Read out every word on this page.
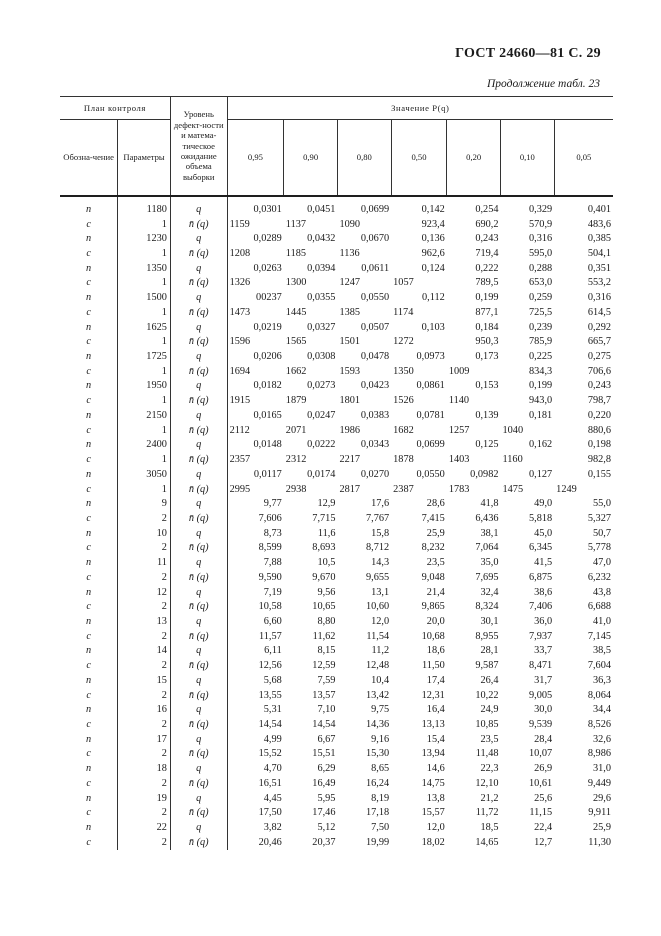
ГОСТ 24660—81 С. 29
Продолжение табл. 23
План контроля		Уровень дефект-ности и матема-тическое ожидание объема выборки	Значение P(q)						
Обозна-чение	Параметры		0,95	0,90	0,80	0,50	0,20	0,10	0,05

n	1180	q	0,0301	0,0451	0,0699	0,142	0,254	0,329	0,401
c	1	n̄ (q)	1159	1137	1090	923,4	690,2	570,9	483,6
n	1230	q	0,0289	0,0432	0,0670	0,136	0,243	0,316	0,385
c	1	n̄ (q)	1208	1185	1136	962,6	719,4	595,0	504,1
n	1350	q	0,0263	0,0394	0,0611	0,124	0,222	0,288	0,351
c	1	n̄ (q)	1326	1300	1247	1057	789,5	653,0	553,2
n	1500	q	00237	0,0355	0,0550	0,112	0,199	0,259	0,316
c	1	n̄ (q)	1473	1445	1385	1174	877,1	725,5	614,5
n	1625	q	0,0219	0,0327	0,0507	0,103	0,184	0,239	0,292
c	1	n̄ (q)	1596	1565	1501	1272	950,3	785,9	665,7
n	1725	q	0,0206	0,0308	0,0478	0,0973	0,173	0,225	0,275
c	1	n̄ (q)	1694	1662	1593	1350	1009	834,3	706,6
n	1950	q	0,0182	0,0273	0,0423	0,0861	0,153	0,199	0,243
c	1	n̄ (q)	1915	1879	1801	1526	1140	943,0	798,7
n	2150	q	0,0165	0,0247	0,0383	0,0781	0,139	0,181	0,220
c	1	n̄ (q)	2112	2071	1986	1682	1257	1040	880,6
n	2400	q	0,0148	0,0222	0,0343	0,0699	0,125	0,162	0,198
c	1	n̄ (q)	2357	2312	2217	1878	1403	1160	982,8
n	3050	q	0,0117	0,0174	0,0270	0,0550	0,0982	0,127	0,155
c	1	n̄ (q)	2995	2938	2817	2387	1783	1475	1249
n	9	q	9,77	12,9	17,6	28,6	41,8	49,0	55,0
c	2	n̄ (q)	7,606	7,715	7,767	7,415	6,436	5,818	5,327
n	10	q	8,73	11,6	15,8	25,9	38,1	45,0	50,7
c	2	n̄ (q)	8,599	8,693	8,712	8,232	7,064	6,345	5,778
n	11	q	7,88	10,5	14,3	23,5	35,0	41,5	47,0
c	2	n̄ (q)	9,590	9,670	9,655	9,048	7,695	6,875	6,232
n	12	q	7,19	9,56	13,1	21,4	32,4	38,6	43,8
c	2	n̄ (q)	10,58	10,65	10,60	9,865	8,324	7,406	6,688
n	13	q	6,60	8,80	12,0	20,0	30,1	36,0	41,0
c	2	n̄ (q)	11,57	11,62	11,54	10,68	8,955	7,937	7,145
n	14	q	6,11	8,15	11,2	18,6	28,1	33,7	38,5
c	2	n̄ (q)	12,56	12,59	12,48	11,50	9,587	8,471	7,604
n	15	q	5,68	7,59	10,4	17,4	26,4	31,7	36,3
c	2	n̄ (q)	13,55	13,57	13,42	12,31	10,22	9,005	8,064
n	16	q	5,31	7,10	9,75	16,4	24,9	30,0	34,4
c	2	n̄ (q)	14,54	14,54	14,36	13,13	10,85	9,539	8,526
n	17	q	4,99	6,67	9,16	15,4	23,5	28,4	32,6
c	2	n̄ (q)	15,52	15,51	15,30	13,94	11,48	10,07	8,986
n	18	q	4,70	6,29	8,65	14,6	22,3	26,9	31,0
c	2	n̄ (q)	16,51	16,49	16,24	14,75	12,10	10,61	9,449
n	19	q	4,45	5,95	8,19	13,8	21,2	25,6	29,6
c	2	n̄ (q)	17,50	17,46	17,18	15,57	11,72	11,15	9,911
n	22	q	3,82	5,12	7,50	12,0	18,5	22,4	25,9
c	2	n̄ (q)	20,46	20,37	19,99	18,02	14,65	12,7	11,30
